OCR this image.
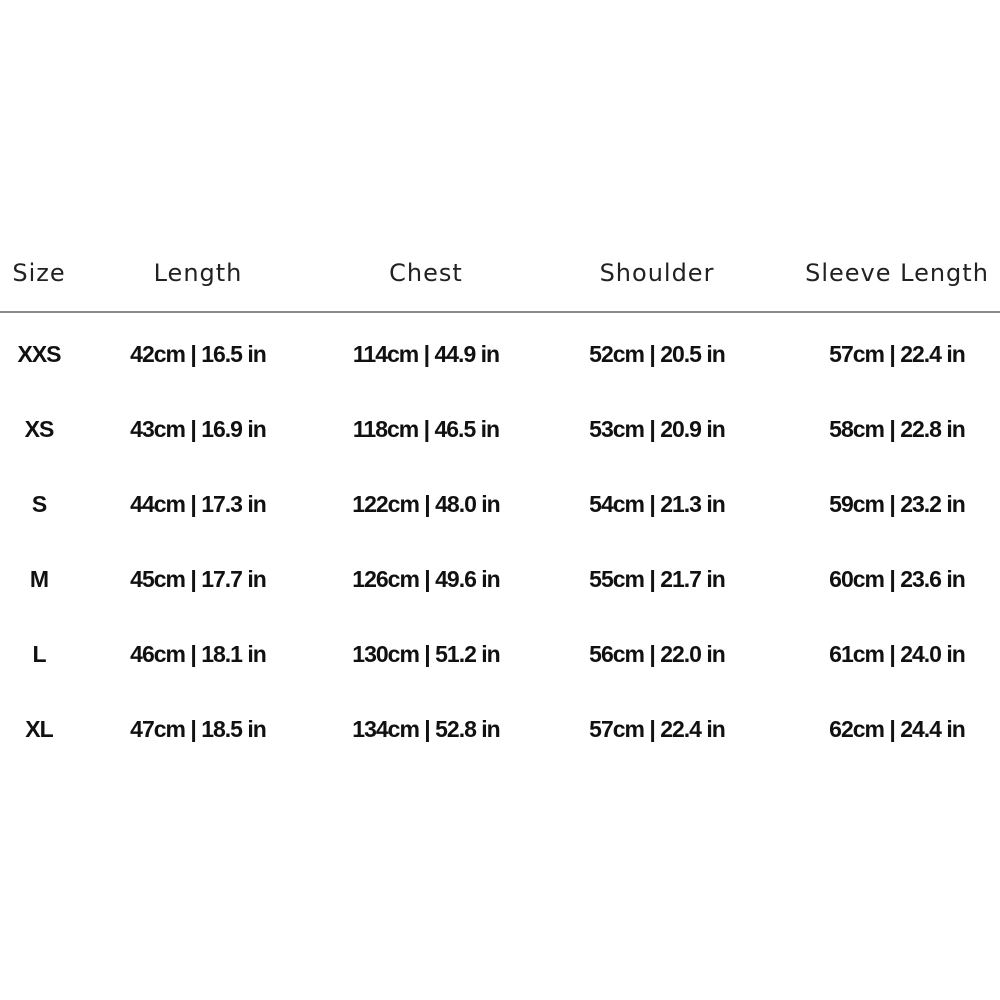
Size	Length	Chest	Shoulder	Sleeve Length
XXS	42cm | 16.5 in	114cm | 44.9 in	52cm | 20.5 in	57cm | 22.4 in
XS	43cm | 16.9 in	118cm | 46.5 in	53cm | 20.9 in	58cm | 22.8 in
S	44cm | 17.3 in	122cm | 48.0 in	54cm | 21.3 in	59cm | 23.2 in
M	45cm | 17.7 in	126cm | 49.6 in	55cm | 21.7 in	60cm | 23.6 in
L	46cm | 18.1 in	130cm | 51.2 in	56cm | 22.0 in	61cm | 24.0 in
XL	47cm | 18.5 in	134cm | 52.8 in	57cm | 22.4 in	62cm | 24.4 in
